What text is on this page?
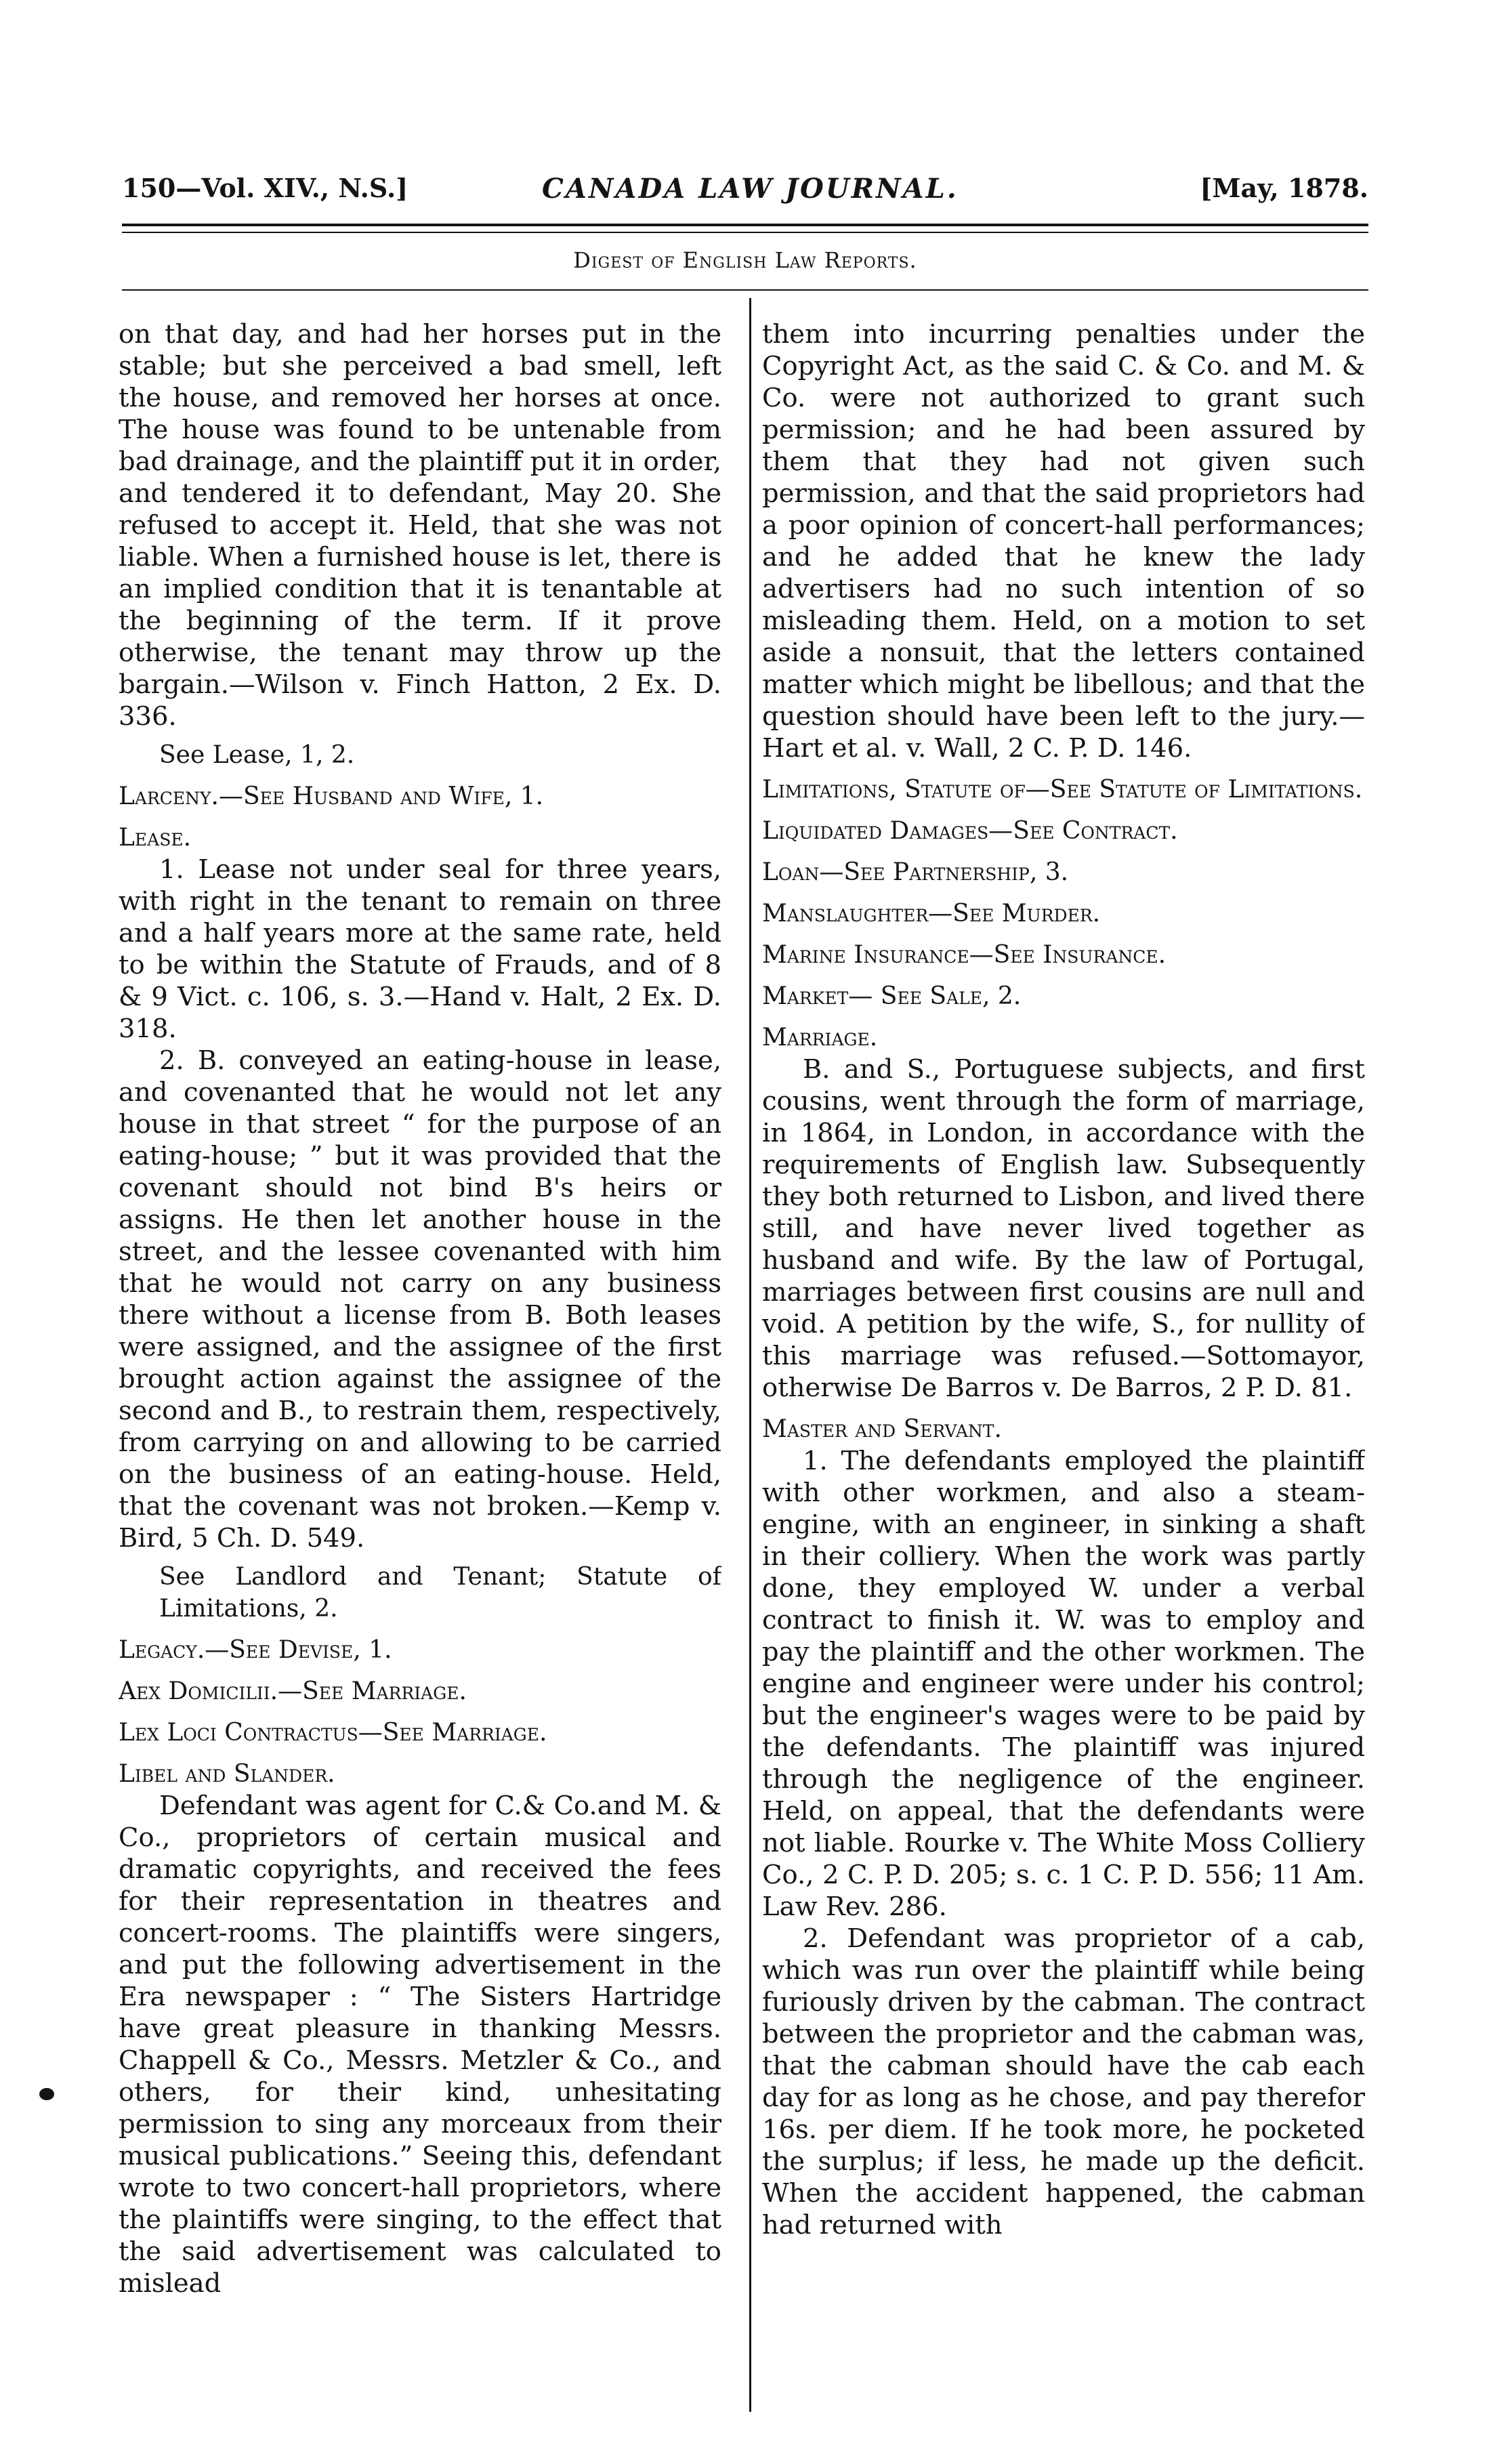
150—Vol. XIV., N.S.]	CANADA LAW JOURNAL.	[May, 1878.
Digest of English Law Reports.

on that day, and had her horses put in the stable; but she perceived a bad smell, left the house, and removed her horses at once. The house was found to be untenable from bad drainage, and the plaintiff put it in order, and tendered it to defendant, May 20. She refused to accept it. Held, that she was not liable. When a furnished house is let, there is an implied condition that it is tenantable at the beginning of the term. If it prove otherwise, the tenant may throw up the bargain.—Wilson v. Finch Hatton, 2 Ex. D. 336.

See Lease, 1, 2.

Larceny.—See Husband and Wife, 1.

Lease.

1. Lease not under seal for three years, with right in the tenant to remain on three and a half years more at the same rate, held to be within the Statute of Frauds, and of 8 & 9 Vict. c. 106, s. 3.—Hand v. Halt, 2 Ex. D. 318.

2. B. conveyed an eating-house in lease, and covenanted that he would not let any house in that street “ for the purpose of an eating-house; ” but it was provided that the covenant should not bind B's heirs or assigns. He then let another house in the street, and the lessee covenanted with him that he would not carry on any business there without a license from B. Both leases were assigned, and the assignee of the first brought action against the assignee of the second and B., to restrain them, respectively, from carrying on and allowing to be carried on the business of an eating-house. Held, that the covenant was not broken.—Kemp v. Bird, 5 Ch. D. 549.

See Landlord and Tenant; Statute of Limitations, 2.

Legacy.—See Devise, 1.

Aex Domicilii.—See Marriage.

Lex Loci Contractus—See Marriage.

Libel and Slander.

Defendant was agent for C.& Co.and M. & Co., proprietors of certain musical and dramatic copyrights, and received the fees for their representation in theatres and concert-rooms. The plaintiffs were singers, and put the following advertisement in the Era newspaper : “ The Sisters Hartridge have great pleasure in thanking Messrs. Chappell & Co., Messrs. Metzler & Co., and others, for their kind, unhesitating permission to sing any morceaux from their musical publications.” Seeing this, defendant wrote to two concert-hall proprietors, where the plaintiffs were singing, to the effect that the said advertisement was calculated to mislead

them into incurring penalties under the Copyright Act, as the said C. & Co. and M. & Co. were not authorized to grant such permission; and he had been assured by them that they had not given such permission, and that the said proprietors had a poor opinion of concert-hall performances; and he added that he knew the lady advertisers had no such intention of so misleading them. Held, on a motion to set aside a nonsuit, that the letters contained matter which might be libellous; and that the question should have been left to the jury.—Hart et al. v. Wall, 2 C. P. D. 146.

Limitations, Statute of—See Statute of Limitations.

Liquidated Damages—See Contract.

Loan—See Partnership, 3.

Manslaughter—See Murder.

Marine Insurance—See Insurance.

Market— See Sale, 2.

Marriage.

B. and S., Portuguese subjects, and first cousins, went through the form of marriage, in 1864, in London, in accordance with the requirements of English law. Subsequently they both returned to Lisbon, and lived there still, and have never lived together as husband and wife. By the law of Portugal, marriages between first cousins are null and void. A petition by the wife, S., for nullity of this marriage was refused.—Sottomayor, otherwise De Barros v. De Barros, 2 P. D. 81.

Master and Servant.

1. The defendants employed the plaintiff with other workmen, and also a steam-engine, with an engineer, in sinking a shaft in their colliery. When the work was partly done, they employed W. under a verbal contract to finish it. W. was to employ and pay the plaintiff and the other workmen. The engine and engineer were under his control; but the engineer's wages were to be paid by the defendants. The plaintiff was injured through the negligence of the engineer. Held, on appeal, that the defendants were not liable. Rourke v. The White Moss Colliery Co., 2 C. P. D. 205; s. c. 1 C. P. D. 556; 11 Am. Law Rev. 286.

2. Defendant was proprietor of a cab, which was run over the plaintiff while being furiously driven by the cabman. The contract between the proprietor and the cabman was, that the cabman should have the cab each day for as long as he chose, and pay therefor 16s. per diem. If he took more, he pocketed the surplus; if less, he made up the deficit. When the accident happened, the cabman had returned with
